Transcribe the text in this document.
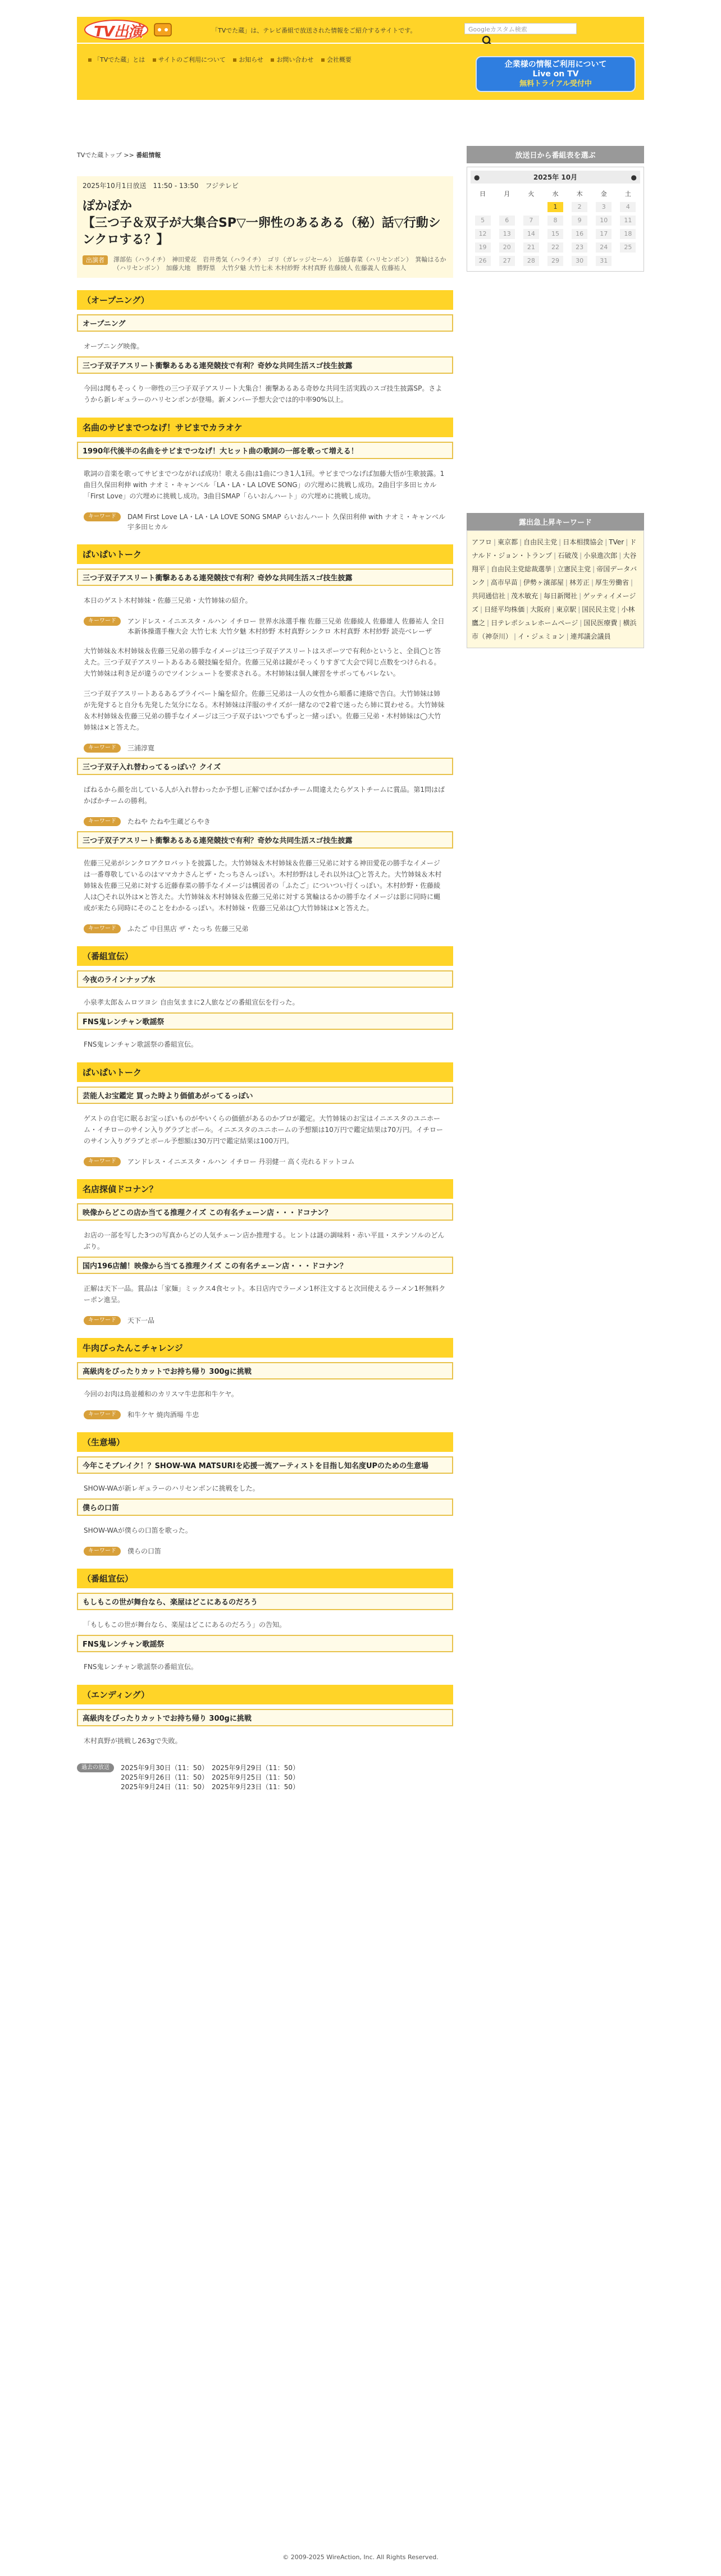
TV出演	「TVでた蔵」は、テレビ番組で放送された情報をご紹介するサイトです。	Googleカスタム検索
「TVでた蔵」とは サイトのご利用について お知らせ お問い合わせ 会社概要
企業様の情報ご利用について
Live on TV
無料トライアル受付中
TVでた蔵トップ >> 番組情報
2025年10月1日放送　11:50 - 13:50　フジテレビ
ぽかぽか
【三つ子＆双子が大集合SP▽一卵性のあるある（秘）話▽行動シンクロする？】
出演者	澤部佑（ハライチ）　神田愛花　岩井勇気（ハライチ）　ゴリ（ガレッジセール）　近藤春菜（ハリセンボン）　箕輪はるか（ハリセンボン）　加藤大地　勝野塁　大竹夕魅 大竹七未 木村紗野 木村真野 佐藤綾人 佐藤義人 佐藤祐人
（オープニング）
オープニング
オープニング映像。
三つ子双子アスリート衝撃あるある連発競技で有利？奇妙な共同生活スゴ技生披露
今回は聞もそっくり一卵性の三つ子双子アスリート大集合！衝撃あるある奇妙な共同生活実践のスゴ技生披露SP。さようから新レギュラーのハリセンボンが登場。新メンバー予想大会では的中率90%以上。
名曲のサビまでつなげ！サビまでカラオケ
1990年代後半の名曲をサビまでつなげ！大ヒット曲の歌詞の一部を歌って増える！
歌詞の音楽を歌ってサビまでつながれば成功！歌える曲は1曲につき1人1回。サビまでつなげば加藤大悟が生歌披露。1曲目久保田利伸 with ナオミ・キャンベル「LA・LA・LA LOVE SONG」の穴埋めに挑戦し成功。2曲目宇多田ヒカル「First Love」の穴埋めに挑戦し成功。3曲目SMAP「らいおんハート」の穴埋めに挑戦し成功。
キーワード	DAM First Love LA・LA・LA LOVE SONG SMAP らいおんハート 久保田利伸 with ナオミ・キャンベル 宇多田ヒカル
ぱいぱいトーク
三つ子双子アスリート衝撃あるある連発競技で有利？奇妙な共同生活スゴ技生披露
本日のゲスト木村姉妹・佐藤三兄弟・大竹姉妹の紹介。
キーワード	アンドレス・イニエスタ・ルハン イチロー 世界水泳選手権 佐藤三兄弟 佐藤綾人 佐藤雄人 佐藤祐人 全日本新体操選手権大会 大竹七未 大竹夕魅 木村紗野 木村真野シンクロ 木村真野 木村紗野 読売ベレーザ
大竹姉妹＆木村姉妹＆佐藤三兄弟の勝手なイメージは三つ子双子アスリートはスポーツで有利かというと、全員◯と答えた。三つ子双子アスリートあるある競技編を紹介。佐藤三兄弟は鏡がそっくりすぎて大会で同じ点数をつけられる。大竹姉妹は利き足が違うのでツインシュートを要求される。木村姉妹は個人練習をサボってもバレない。
三つ子双子アスリートあるあるプライベート編を紹介。佐藤三兄弟は一人の女性から順番に連絡で告白。大竹姉妹は姉が先発すると自分も先発した気分になる。木村姉妹は洋服のサイズが一緒なので2着で迷ったら姉に買わせる。大竹姉妹＆木村姉妹＆佐藤三兄弟の勝手なイメージは三つ子双子はいつでもずっと一緒っぽい。佐藤三兄弟・木村姉妹は◯大竹姉妹は×と答えた。
キーワード	三浦淳寛
三つ子双子入れ替わってるっぽい？クイズ
ぱねるから顔を出している人が入れ替わったか予想し正解でぱかぱかチーム間違えたらゲストチームに賞品。第1問はぱかぱかチームの勝利。
キーワード	たねや たねや生蔵どらやき
三つ子双子アスリート衝撃あるある連発競技で有利？奇妙な共同生活スゴ技生披露
佐藤三兄弟がシンクロアクロバットを披露した。大竹姉妹＆木村姉妹＆佐藤三兄弟に対する神田愛花の勝手なイメージは一番尊敬しているのはママカナさんとザ・たっちさんっぽい。木村紗野はしそれ以外は◯と答えた。大竹姉妹＆木村姉妹＆佐藤三兄弟に対する近藤春菜の勝手なイメージは構図者の「ふたご」についつい行くっぽい。木村紗野・佐藤綾人は◯それ以外は×と答えた。大竹姉妹＆木村姉妹＆佐藤三兄弟に対する箕輪はるかの勝手なイメージは影に同時に蝿或が来たら同時にそのことをわかるっぽい。木村姉妹・佐藤三兄弟は◯大竹姉妹は×と答えた。
キーワード	ふたご 中目黒店 ザ・たっち 佐藤三兄弟
（番組宣伝）
今夜のラインナップ水
小泉孝太郎＆ムロツヨシ 自由気ままに2人旅などの番組宣伝を行った。
FNS鬼レンチャン歌謡祭
FNS鬼レンチャン歌謡祭の番組宣伝。
ぱいぱいトーク
芸能人お宝鑑定 買った時より価値あがってるっぽい
ゲストの自宅に眠るお宝っぽいものがやいくらの価値があるのかプロが鑑定。大竹姉妹のお宝はイニエスタのユニホーム・イチローのサイン入りグラブとボール。イニエスタのユニホームの予想額は10万円で鑑定結果は70万円。イチローのサイン入りグラブとボール予想額は30万円で鑑定結果は100万円。
キーワード	アンドレス・イニエスタ・ルハン イチロー 丹羽健一 高く売れるドットコム
名店探偵ドコナン？
映像からどこの店か当てる推理クイズ この有名チェーン店・・・ドコナン？
お店の一部を写した3つの写真からどの人気チェーン店か推理する。ヒントは謎の調味料・赤い平皿・ステンソルのどんぶり。
国内196店舗！映像から当てる推理クイズ この有名チェーン店・・・ドコナン？
正解は天下一品。賞品は「家麺」ミックス4食セット。本日店内でラーメン1杯注文すると次回使えるラーメン1杯無料クーポン進呈。
キーワード	天下一品
牛肉ぴったんこチャレンジ
高級肉をぴったりカットでお持ち帰り 300gに挑戦
今回のお肉は鳥並種和のカリスマ牛忠郎和牛ケヤ。
キーワード	和牛ケヤ 焼肉酒場 牛忠
（生意場）
今年こそブレイク！？SHOW-WA MATSURIを応援一流アーティストを目指し知名度UPのための生意場
SHOW-WAが新レギュラーのハリセンボンに挑戦をした。
僕らの口笛
SHOW-WAが僕らの口笛を歌った。
キーワード	僕らの口笛
（番組宣伝）
もしもこの世が舞台なら、楽屋はどこにあるのだろう
「もしもこの世が舞台なら、楽屋はどこにあるのだろう」の告知。
FNS鬼レンチャン歌謡祭
FNS鬼レンチャン歌謡祭の番組宣伝。
（エンディング）
高級肉をぴったりカットでお持ち帰り 300gに挑戦
木村真野が挑戦し263gで失敗。
過去の放送	2025年9月30日（11：50）　2025年9月29日（11：50）
2025年9月26日（11：50）　2025年9月25日（11：50）
2025年9月24日（11：50）　2025年9月23日（11：50）
放送日から番組表を選ぶ
●	2025年 10月	●
日	月	火	水	木	金	土
			1	2	3	4
5	6	7	8	9	10	11
12	13	14	15	16	17	18
19	20	21	22	23	24	25
26	27	28	29	30	31	
露出急上昇キーワード
アフロ | 東京都 | 自由民主党 | 日本相撲協会 | TVer | ドナルド・ジョン・トランプ | 石破茂 | 小泉進次郎 | 大谷翔平 | 自由民主党総裁選挙 | 立憲民主党 | 帝国データバンク | 高市早苗 | 伊勢ヶ濱部屋 | 林芳正 | 厚生労働省 |共同通信社 | 茂木敏充 | 毎日新聞社 | ゲッティイメージズ | 日経平均株価 | 大阪府 | 東京駅 | 国民民主党 | 小林鷹之 | 日テレポシュレホームページ | 国民医療費 | 横浜市（神奈川） | イ・ジェミョン | 連邦議会議員
© 2009-2025 WireAction, Inc. All Rights Reserved.
